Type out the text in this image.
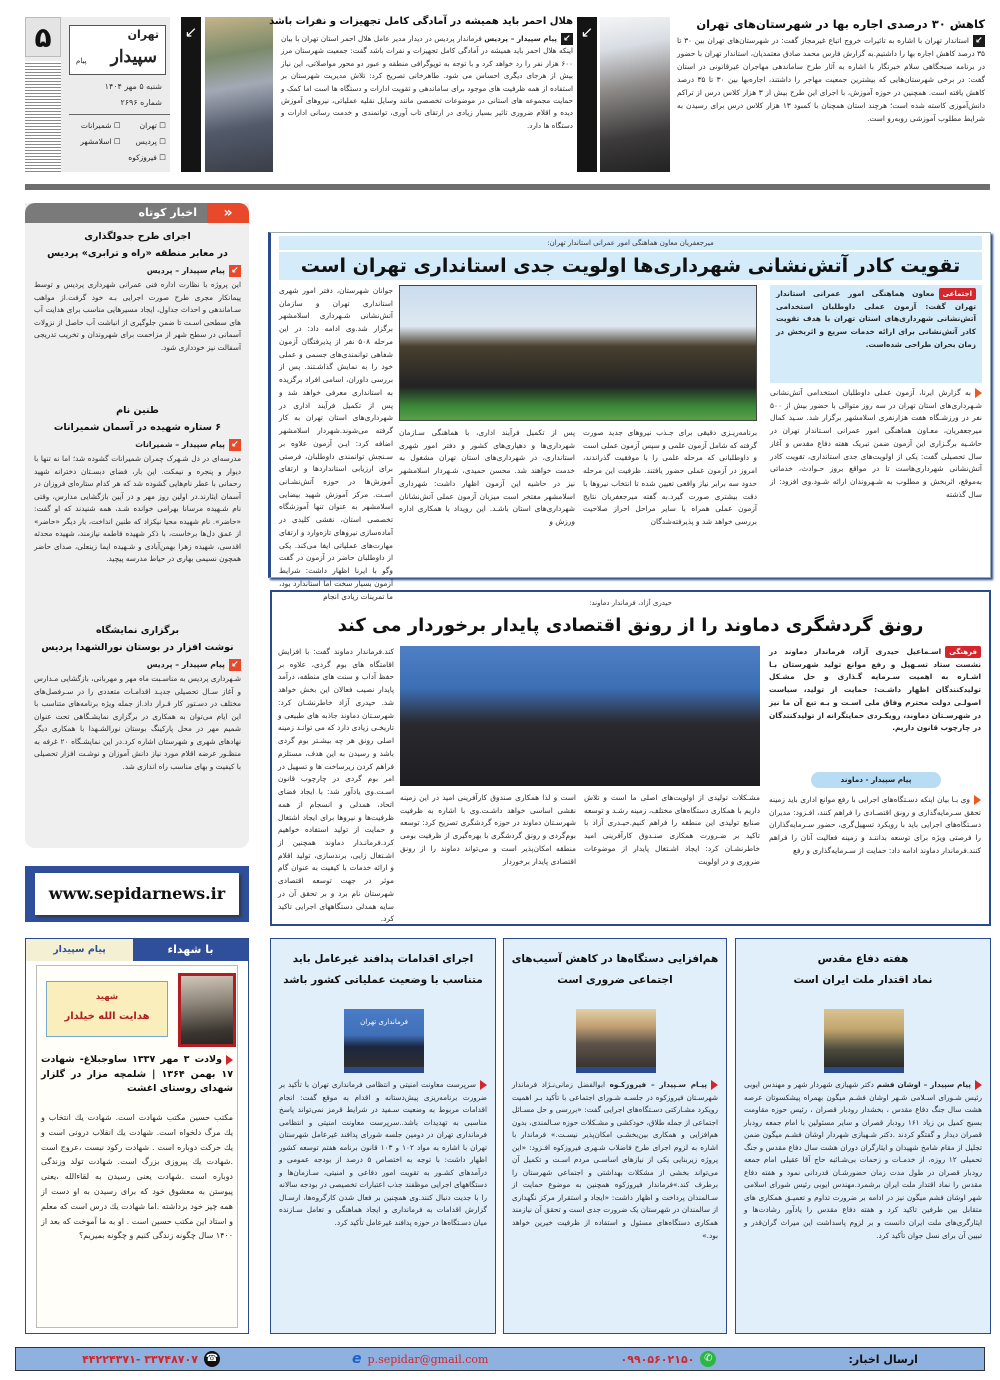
۵	تهران
سپیدار
پیام
شنبه ۵ مهر ۱۴۰۴
شماره ۲۶۹۶
☐ تهران
☐ شمیرانات
☐ پردیس
☐ اسلامشهر
☐ فیروزکوه
↙
هلال احمر باید همیشه در آمادگی کامل تجهیزات و نفرات باشد
↙پیام سپیدار – پردیس فرماندار پردیس در دیدار مدیر عامل هلال احمر استان تهران با بیان اینکه هلال احمر باید همیشه در آمادگی کامل تجهیزات و نفرات باشد گفت: جمعیت شهرستان مرز ۶۰۰ هزار نفر را رد خواهد کرد و با توجه به توپوگرافی منطقه و عبور دو محور مواصلاتی، این نیاز بیش از هرجای دیگری احساس می شود. طاهرخانی تصریح کرد: تلاش مدیریت شهرستان بر استفاده از همه ظرفیت های موجود برای ساماندهی و تقویت ادارات و دستگاه ها است اما کمک و حمایت مجموعه های استانی در موضوعات تخصصی مانند وسایل نقلیه عملیاتی، نیروهای آموزش دیده و اقلام ضروری تاثیر بسیار زیادی در ارتقای تاب آوری، توانمندی و خدمت رسانی ادارات و دستگاه ها دارد.
↙	کاهش ۳۰ درصدی اجاره بها در شهرستان‌های تهران
↙استاندار تهران با اشاره به تاثیرات خروج اتباع غیرمجاز گفت: در شهرستان‌های تهران بین ۳۰ تا ۳۵ درصد کاهش اجاره بها را داشتیم.به گزارش فارس محمد صادق معتمدیان، استاندار تهران با حضور در برنامه صبحگاهی سلام خبرنگار با اشاره به آثار طرح ساماندهی مهاجران غیرقانونی در استان گفت: در برخی شهرستان‌هایی که بیشترین جمعیت مهاجر را داشتند، اجاره‌بها بین ۳۰ تا ۳۵ درصد کاهش یافته است. همچنین در حوزه آموزش، با اجرای این طرح بیش از ۳ هزار کلاس درس از تراکم دانش‌آموزی کاسته شده است؛ هرچند استان همچنان با کمبود ۱۳ هزار کلاس درس برای رسیدن به شرایط مطلوب آموزشی روبه‌رو است.
اخبار کوتاه	«
اجرای طرح جدولگذاری
در معابر منطقه «راه و ترابری» پردیس
↙پیام سپیدار – پردیس
این پروژه با نظارت اداره فنی عمرانی شهرداری پردیس و توسط پیمانکار مجری طرح صورت اجرایی بـه خود گرفت.از مواهب سـاماندهی و احداث جداول، ایجاد مسیرهایی مناسب برای هدایت آب های سطحی اسـت تا ضمن جلوگیری از انباشت آب حاصل از نزولات آسمانی در سطح شهر از مزاحمت برای شهروندان و تخریب تدریجی آسفالت نیز خودداری شود.
طنین نام
۶ ستاره شهیده در آسمان شمیرانات
↙پیام سپیدار – شمیرانات
مدرسه‌ای در دل شـهرک چمران شمیرانات گشوده شد؛ اما نه تنها با دیوار و پنجره و نیمکت. این بار، فضای دبسـتان دخترانه شهید رحمانی با عطر نام‌هایی گشوده شد که هر کدام ستاره‌ای فروزان در آسمان ایثارند.در اولین روز مهر و در آیین بازگشایی مدارس، وقتی نام شـهیده مرسانا بهرامی خوانده شـد، همه شنیدند که او گفت: «حاضر». نام شهیده محیا نیکزاد که طنین انداخت، بار دیگر «حاضر» از عمق دل‌ها برخاست، با ذکر شهیده فاطمه نیازمند، شهیده محدثه اقدسی، شهیده زهرا بهمن‌آبادی و شـهیده ایما زینعلی، صدای حاضر همچون نسیمی بهاری در حیاط مدرسه پیچید.
برگزاری نمایشگاه
نوشت افزار در بوستان نورالشهدا پردیس
↙پیام سپیدار – پردیس
شـهرداری پردیس به مناسـبت ماه مهر و مهربانی، بازگشایی مـدارس و آغاز سـال تحصیلی جدیـد اقدامـات متعددی را در سـرفصل‌های مختلف در دسـتور کار قـرار داد.از جمله ویژه برنامه‌های متناسب با این ایام می‌توان به همکاری در برگزاری نمایشـگاهی تحت عنوان شمیم مهر در محل پارکینگ بوستان نورالشـهدا با همکاری دیگر نهادهای شهری و شهرستان اشاره کرد.در این نمایشـگاه ۲۰ غرفه به منظـور عرضه اقلام مورد نیاز دانش آموزان و نوشـت افزار تحصیلی با کیفیت و بهای مناسب راه اندازی شد.
www.sepidarnews.ir
با شهداء
پیام سپیدار
شهید
هدایت الله خیلدار
ولادت ۳ مهر ۱۳۳۷ ساوجبلاغ- شهادت ۱۷ بهمن ۱۳۶۴ | شلمچه مزار در گلزار شهدای روستای اغشت
مکتب حسین مکتب شهادت است. شهادت یك انتخاب و یك مرگ دلخواه است. شهادت یك انقلاب درونی است و یك حرکت دوباره است . شهادت رکود نیست ،عروج است .شهادت یك پیروزی بزرگ است. شهادت تولد وزندگی دوباره است .شهادت یعنی رسیدن به لقاءالله ،یعنی پیوستن به معشوق خود که برای رسیدن به او دست از همه چیز خود برداشته .اما شهادت یك درس است که معلم و استاد این مکتب حسین است . او به ما آموخت که بعد از ۱۴۰۰ سال چگونه زندگی کنیم و چگونه بمیریم؟
میرجعفریان معاون هماهنگی امور عمرانی استاندار تهران:
تقویت کادر آتش‌نشانی شهرداری‌ها اولویت جدی استانداری تهران است
اجتماعیمعاون هماهنگی امور عمرانی استاندار تهران گفت: آزمون عملی داوطلبان استخدامی آتش‌نشانی شهرداری‌های استان تهران با هدف تقویت کادر آتش‌نشانی برای ارائه خدمات سریع و اثربخش در زمان بحران طراحی شده‌است.
به گزارش ایرنا، آزمون عملی داوطلبان استخدامی آتش‌نشانی شـهرداری‌های استان تهران در سه روز متوالی با حضور بیش از ۵۰۰ نفر در ورزشـگاه هفت هزارنفری اسلامشهر برگزار شد. سـید کمال میرجعفریان، معـاون هماهنگی امور عمرانی اسـتاندار تهران در حاشـیه برگـزاری این آزمون ضمن تبریک هفته دفاع مقدس و آغاز سال تحصیلی گفت: یکی از اولویت‌های جدی استانداری، تقویت کادر آتش‌نشانی شهرداری‌هاست تا در مواقع بروز حـوادث، خدماتی به‌موقع، اثربخش و مطلوب به شـهروندان ارائه شـود.وی افزود: از سال گذشته
برنامه‌ریـزی دقیقی برای جـذب نیروهای جدید صورت گرفته که شامل آزمون علمی و سپس آزمون عملی است و داوطلبانی که مرحله علمی را با موفقیت گذراندند، امروز در آزمون عملی حضور یافتند. ظرفیت این مرحله حدود سه برابر نیاز واقعی تعیین شده تا انتخاب نیروها با دقت بیشتری صورت گیرد.به گفته میرجعفریان نتایج آزمون عملی همراه با سایر مراحل احراز صلاحیت بررسی خواهد شد و پذیرفته‌شدگان
پس از تکمیل فرآیند اداری، با هماهنگی سـازمان شهرداری‌ها و دهیاری‌های کشور و دفتر امور شهری استانداری، در شهرداری‌های استان تهران مشغول به خدمت خواهند شد. محسن حمیدی، شـهردار اسلامشهر نیز در حاشیه این آزمون اظهار داشت: شهرداری اسلامشهر مفتخر است میزبان آزمون عملی آتش‌نشانان شهرداری‌های استان باشـد. این رویداد با همکاری اداره ورزش و
جوانان شهرستان، دفتر امور شهری استانداری تهران و سازمان آتش‌نشانی شـهرداری اسلامشهر برگزار شد.وی ادامه داد: در این مرحله ۵۰۸ نفر از پذیرفتگان آزمون شفاهی توانمندی‌های جسمی و عملی خود را به نمایش گذاشـتند. پس از بررسی داوران، اسامی افراد برگزیده به استانداری معرفی خواهد شد و پس از تکمیل فرآیند اداری در شهرداری‌های استان تهران به کار گرفته می‌شوند.شهردار اسلامشهر اضافه کرد: ایـن آزمون علاوه بر سـنجش توانمندی داوطلبان، فرصتی برای ارزیابی استانداردها و ارتقای آموزش‌ها در حوزه آتش‌نشـانی اسـت. مرکز آموزش شهید بیضایی اسلامشهر به عنوان تنها آموزشگاه تخصصی استان، نقشی کلیدی در آماده‌سازی نیروهای تازه‌وارد و ارتقای مهارت‌های عملیاتی ایفا می‌کند. یکی از داوطلبان حاضر در آزمون در گفت وگو با ایرنا اظهار داشت: شرایط آزمون بسیار سخت اما استاندارد بود، ما تمرینات زیادی انجام
حیدری آزاد، فرماندار دماوند:
رونق گردشگری دماوند را از رونق اقتصادی پایدار برخوردار می کند
فرهنگیاسـماعیل حیدری آزاد، فرماندار دماوند در نشست ستاد تسـهیل و رفع موانع تولید شهرستان بـا اشـاره به اهمیت سـرمایه گـذاری و حل مشـکل تولیدکنندگان اظهار داشـت: حمایت از تولید، سیاست اصولـی دولت محترم وفاق ملی اسـت و بـه تبع آن ما نیز در شهرسـتان دماوند، رویکـردی حمایتگرانه از تولیدکنندگان در چارچوب قانون داریم.
پیام سپیدار - دماوند
وی بـا بیان اینکه دسـتگاه‌های اجرایی با رفع موانع اداری باید زمینه تحقق سـرمایه‌گذاری و رونق اقتصـادی را فراهم کنند، افـزود: مدیران دسـتگاه‌های اجرایی باید با رویکرد تسهیل‌گری، حضور سـرمایه‌گذاران را فرصتی ویژه برای توسعه بداننـد و زمینه فعالیت آنان را فراهم کنند.فرماندار دماوند ادامه داد: حمایت از سـرمایه‌گذاری و رفع
مشـکلات تولیدی از اولویت‌های اصلی ما است و تلاش داریم با همکاری دستگاه‌های مختلف، زمینه رشـد و توسعه صنایع تولیدی این منطقه را فراهم کنیم.حیـدری آزاد با تاکید بر ضـرورت همکاری صنـدوق کارآفرینی امید خاطرنشـان کرد: ایجاد اشـتغال پایدار از موضوعات ضروری و در اولویت
است و لذا همکاری صندوق کارآفرینی امید در این زمینه نقشی اساسی خواهد داشـت.وی با اشاره به ظرفیت شهرسـتان دماوند در حوزه گردشگری تصریح کرد: توسعه بوم‌گردی و رونق گردشگری با بهره‌گیری از ظرفیت بومی منطقه امکان‌پذیر است و می‌تواند دماوند را از رونق اقتصادی پایدار برخوردار
کند.فرماندار دماوند گفت: با افزایش اقامتگاه های بوم گردی، علاوه بر حفظ آداب و سنت های منطقه، درآمد پایدار نصیب فعالان این بخش خواهد شد. حیدری آزاد خاطرنشـان کرد: شهرسـتان دماوند جاذبه های طبیعی و تاریخـی زیادی دارد که می توانـد زمینه اصلی رونق هر چه بیشـتر بوم گردی باشد و رسیدن به این هدف، مستلزم فراهم کردن زیرساخت ها و تسهیل در امر بوم گردی در چارچوب قانون اسـت.وی یادآور شد: با ایجاد فضای اتحاد، همدلی و انسجام از همه ظرفیت‌ها و نیروها برای ایجاد اشتغال و حمایت از تولید استفاده خواهیم کرد.فرمانـدار دماوند همچنین از اشـتغال زایی، برندسازی، تولید اقلام و ارائه خدمات با کیفیت به عنوان گام موثر در جهت توسعه اقتصادی شهرستان نام برد و بر تحقق آن در سایه همدلی دستگاههای اجرایی تاکید کرد.
هفته دفاع مقدس
نماد اقتدار ملت ایران است
پیام سپیدار – اوشان فشم دکتر شهبازی شهردار شهر و مهندس ایوبی رئیس شـورای اسـلامی شـهر اوشان فشـم میگون بهمراه پیشکسوتان عرصه هشت سال جنگ دفاع مقدس ، بخشدار رودبار قصران ، رئیس حوزه مقاومت بسیج کمیل بن زیاد ۱۶۱ رودبار قصران و سایر مسئولین با امام جمعه رودبار قصران دیدار و گفتگو کردند .دکتر شـهبازی شهردار اوشان فشـم میگون ضمن تجلیل از مقام شامخ شهیدان و ایثارگران دوران هشت سال دفاع مقدس و جنگ تحمیلی ۱۲ روزه، از خدمـات و زحمات بی‌شـائبه حاج آقا عقیلی امام جمعه رودبار قصران در طول مدت زمان حضورشـان قدردانی نمود و هفته دفاع مقدس را نماد اقتدار ملت ایران برشمرد.مهندس ایوبی رئیس شورای اسلامی شهر اوشان فشم میگون نیز در ادامه بر ضرورت تداوم و تعمیـق همکاری های متقابل بین طرفین تاکید کرد و هفته دفاع مقدس را یادآور رشادت‌ها و ایثارگری‌های ملت ایران دانست و بر لزوم پاسداشت این میراث گران‌قدر و تبیین آن برای نسل جوان تأکید کرد.
هم‌افزایی دستگاه‌ها در کاهش آسیب‌های
اجتماعی ضروری است
پیـام سـپیدار – فیروزکـوه ابوالفضل زمانی‌نـژاد فرماندار شهرسـتان فیروزکوه در جلسـه شـورای اجتماعی با تأکید بـر اهمیت رویکرد مشـارکتی دسـتگاه‌های اجرایی گفت: «بررسی و حل مسـائل اجتماعی از جمله طلاق، خودکشی و مشـکلات حوزه سـالمندی، بدون هم‌افزایی و همکاری بین‌بخشـی امکان‌پذیر نیسـت.» فرماندار با اشاره به لزوم اجرای طرح فاضلاب شـهری فیروزکوه افـزود: «این پروژه زیربنایی یکی از نیازهای اساسـی مردم اسـت و تکمیل آن می‌تواند بخشی از مشکلات بهداشتی و اجتماعی شهرستان را برطرف کند.»فرماندار فیروزکوه همچنین به موضوع حمایت از سـالمندان پرداخت و اظهار داشت: «ایجاد و استقرار مرکز نگهداری از سالمندان در شهرستان یک ضرورت جدی است و تحقق آن نیازمند همکاری دستگاه‌های مسئول و استفاده از ظرفیت خیرین خواهد بود.»
اجرای اقدامات پدافند غیرعامل باید
متناسب با وضعیت عملیاتی کشور باشد
فرمانداری تهران
سرپرست معاونت امنیتی و انتظامی فرمانداری تهران با تأکید بر ضرورت برنامه‌ریزی پیش‌دستانه و اقدام به موقع گفت: انجام اقدامات مربوط به وضعیت سـفید در شرایط قرمز نمی‌تواند پاسخ مناسبی به تهدیدات باشد..سرپرست معاونت امنیتی و انتظامی فرمانداری تهران در دومین جلسه شورای پدافند غیرعامل شهرستان تهران با اشاره به مواد ۱۰۲ و ۱۰۳ قانون برنامه هفتم توسعه کشور اظهار داشت: با توجه به اختصاص ۵ درصد از بودجه عمومی و درآمدهای کشـور به تقویت امور دفاعی و امنیتی، سـازمان‌ها و دستگاههای اجرایی موظفند جذب اعتبارات تخصیصی در بودجه سالانه را با جدیت دنبال کنند.وی همچنین بر فعال شدن کارگروه‌ها، ارسـال گزارش اقدامات به فرمانداری و ایجاد هماهنگی و تعامل سـازنده میان دسـتگاه‌ها در حوزه پدافند غیرعامل تأکید کرد.
ارسال اخبار:
✆
۰۹۹۰۵۶۰۲۱۵۰
e p.sepidar@gmail.com
☎
۳۳۷۴۸۷۰۷ -۴۴۲۲۴۳۷۱
